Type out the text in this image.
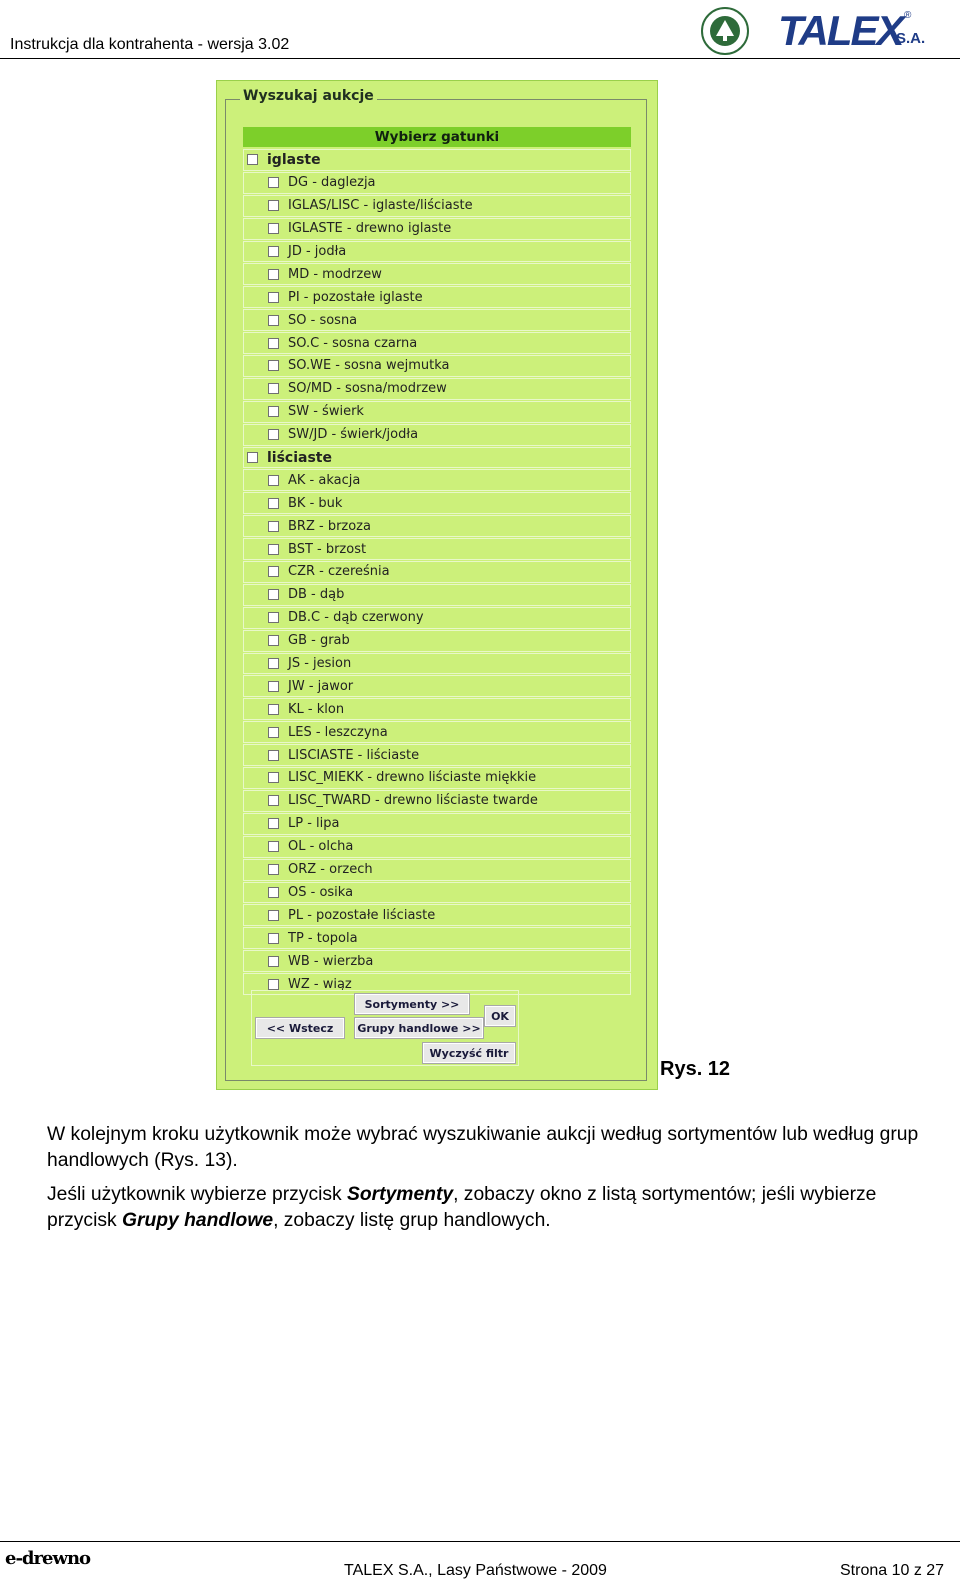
Instrukcja dla kontrahenta - wersja 3.02	TALEX ®
S.A.
Wyszukaj aukcje
Wybierz gatunki
iglaste
DG - daglezja
IGLAS/LISC - iglaste/liściaste
IGLASTE - drewno iglaste
JD - jodła
MD - modrzew
PI - pozostałe iglaste
SO - sosna
SO.C - sosna czarna
SO.WE - sosna wejmutka
SO/MD - sosna/modrzew
SW - świerk
SW/JD - świerk/jodła
liściaste
AK - akacja
BK - buk
BRZ - brzoza
BST - brzost
CZR - czereśnia
DB - dąb
DB.C - dąb czerwony
GB - grab
JS - jesion
JW - jawor
KL - klon
LES - leszczyna
LISCIASTE - liściaste
LISC_MIEKK - drewno liściaste miękkie
LISC_TWARD - drewno liściaste twarde
LP - lipa
OL - olcha
ORZ - orzech
OS - osika
PL - pozostałe liściaste
TP - topola
WB - wierzba
WZ - wiąz
<< Wstecz
Sortymenty >>
Grupy handlowe >>
OK
Wyczyść filtr
Rys. 12
W kolejnym kroku użytkownik może wybrać wyszukiwanie aukcji według sortymentów lub według grup handlowych (Rys. 13).
Jeśli użytkownik wybierze przycisk Sortymenty, zobaczy okno z listą sortymentów; jeśli wybierze przycisk Grupy handlowe, zobaczy listę grup handlowych.
e-drewno
TALEX S.A., Lasy Państwowe - 2009	Strona 10 z 27
